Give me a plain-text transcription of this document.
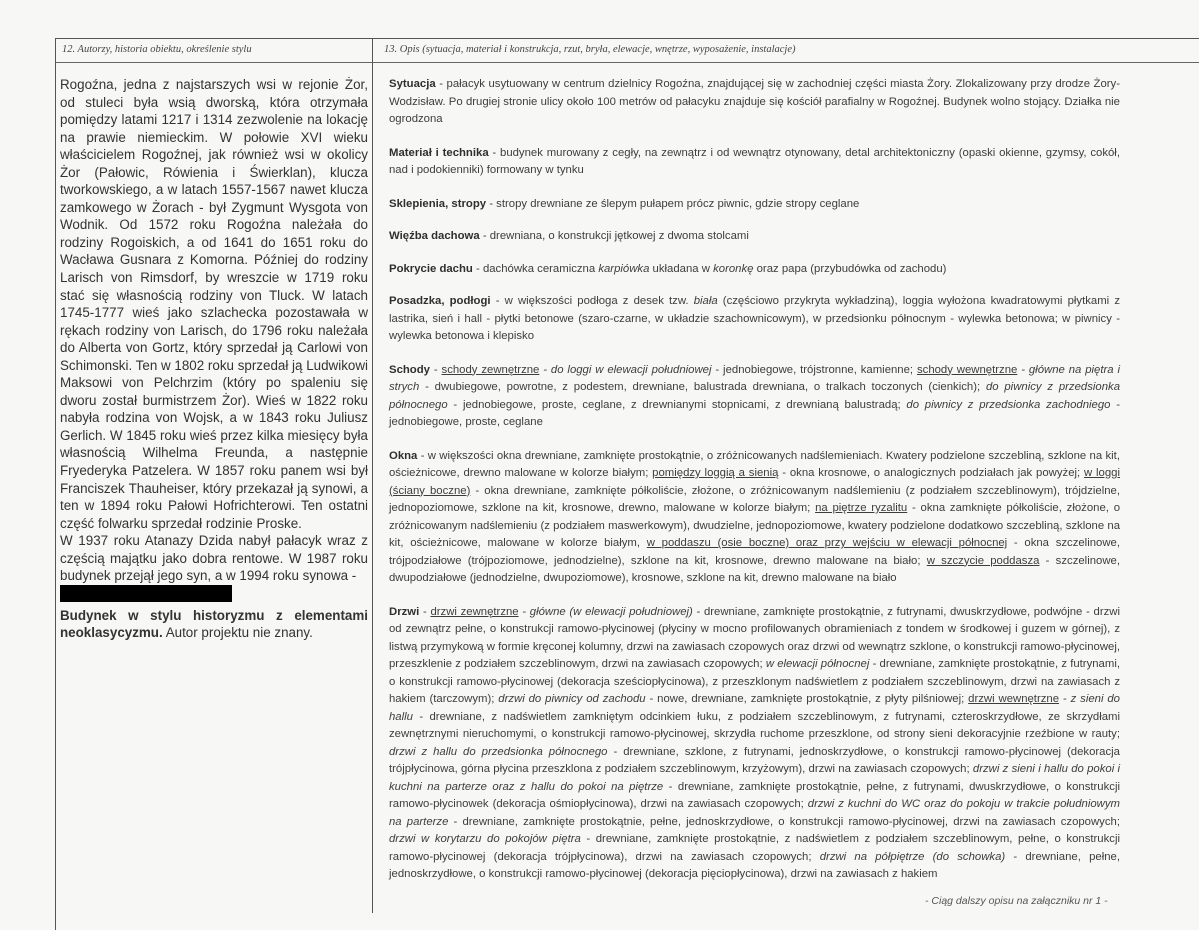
12. Autorzy, historia obiektu, określenie stylu	13. Opis (sytuacja, materiał i konstrukcja, rzut, bryła, elewacje, wnętrze, wyposażenie, instalacje)

Rogoźna, jedna z najstarszych wsi w rejonie Żor, od stuleci była wsią dworską, która otrzymała pomiędzy latami 1217 i 1314 zezwolenie na lokację na prawie niemieckim. W połowie XVI wieku właścicielem Rogoźnej, jak również wsi w okolicy Żor (Pałowic, Rówienia i Świerklan), klucza tworkowskiego, a w latach 1557-1567 nawet klucza zamkowego w Żorach - był Zygmunt Wysgota von Wodnik. Od 1572 roku Rogoźna należała do rodziny Rogoiskich, a od 1641 do 1651 roku do Wacława Gusnara z Komorna. Później do rodziny Larisch von Rimsdorf, by wreszcie w 1719 roku stać się własnością rodziny von Tluck. W latach 1745-1777 wieś jako szlachecka pozostawała w rękach rodziny von Larisch, do 1796 roku należała do Alberta von Gortz, który sprzedał ją Carlowi von Schimonski. Ten w 1802 roku sprzedał ją Ludwikowi Maksowi von Pelchrzim (który po spaleniu się dworu został burmistrzem Żor). Wieś w 1822 roku nabyła rodzina von Wojsk, a w 1843 roku Juliusz Gerlich. W 1845 roku wieś przez kilka miesięcy była własnością Wilhelma Freunda, a następnie Fryederyka Patzelera. W 1857 roku panem wsi był Franciszek Thauheiser, który przekazał ją synowi, a ten w 1894 roku Pałowi Hofrichterowi. Ten ostatni część folwarku sprzedał rodzinie Proske.

W 1937 roku Atanazy Dzida nabył pałacyk wraz z częścią majątku jako dobra rentowe. W 1987 roku budynek przejął jego syn, a w 1994 roku synowa -

Budynek w stylu historyzmu z elementami neoklasycyzmu. Autor projektu nie znany.

Sytuacja - pałacyk usytuowany w centrum dzielnicy Rogoźna, znajdującej się w zachodniej części miasta Żory. Zlokalizowany przy drodze Żory-Wodzisław. Po drugiej stronie ulicy około 100 metrów od pałacyku znajduje się kościół parafialny w Rogoźnej. Budynek wolno stojący. Działka nie ogrodzona

Materiał i technika - budynek murowany z cegły, na zewnątrz i od wewnątrz otynowany, detal architektoniczny (opaski okienne, gzymsy, cokół, nad i podokienniki) formowany w tynku

Sklepienia, stropy - stropy drewniane ze ślepym pułapem prócz piwnic, gdzie stropy ceglane

Więźba dachowa - drewniana, o konstrukcji jętkowej z dwoma stolcami

Pokrycie dachu - dachówka ceramiczna karpiówka układana w koronkę oraz papa (przybudówka od zachodu)

Posadzka, podłogi - w większości podłoga z desek tzw. biała (częściowo przykryta wykładziną), loggia wyłożona kwadratowymi płytkami z lastrika, sień i hall - płytki betonowe (szaro-czarne, w układzie szachownicowym), w przedsionku północnym - wylewka betonowa; w piwnicy - wylewka betonowa i klepisko

Schody - schody zewnętrzne - do loggi w elewacji południowej - jednobiegowe, trójstronne, kamienne; schody wewnętrzne - główne na piętra i strych - dwubiegowe, powrotne, z podestem, drewniane, balustrada drewniana, o tralkach toczonych (cienkich); do piwnicy z przedsionka północnego - jednobiegowe, proste, ceglane, z drewnianymi stopnicami, z drewnianą balustradą; do piwnicy z przedsionka zachodniego - jednobiegowe, proste, ceglane

Okna - w większości okna drewniane, zamknięte prostokątnie, o zróżnicowanych nadślemieniach. Kwatery podzielone szczebliną, szklone na kit, ościeżnicowe, drewno malowane w kolorze białym; pomiędzy loggią a sienią - okna krosnowe, o analogicznych podziałach jak powyżej; w loggi (ściany boczne) - okna drewniane, zamknięte półkoliście, złożone, o zróżnicowanym nadślemieniu (z podziałem szczeblinowym), trójdzielne, jednopoziomowe, szklone na kit, krosnowe, drewno, malowane w kolorze białym; na piętrze ryzalitu - okna zamknięte półkoliście, złożone, o zróżnicowanym nadślemieniu (z podziałem maswerkowym), dwudzielne, jednopoziomowe, kwatery podzielone dodatkowo szczebliną, szklone na kit, ościeżnicowe, malowane w kolorze białym, w poddaszu (osie boczne) oraz przy wejściu w elewacji północnej - okna szczelinowe, trójpodziałowe (trójpoziomowe, jednodzielne), szklone na kit, krosnowe, drewno malowane na biało; w szczycie poddasza - szczelinowe, dwupodziałowe (jednodzielne, dwupoziomowe), krosnowe, szklone na kit, drewno malowane na biało

Drzwi - drzwi zewnętrzne - główne (w elewacji południowej) - drewniane, zamknięte prostokątnie, z futrynami, dwuskrzydłowe, podwójne - drzwi od zewnątrz pełne, o konstrukcji ramowo-płycinowej (płyciny w mocno profilowanych obramieniach z tondem w środkowej i guzem w górnej), z listwą przymykową w formie kręconej kolumny, drzwi na zawiasach czopowych oraz drzwi od wewnątrz szklone, o konstrukcji ramowo-płycinowej, przeszklenie z podziałem szczeblinowym, drzwi na zawiasach czopowych; w elewacji północnej - drewniane, zamknięte prostokątnie, z futrynami, o konstrukcji ramowo-płycinowej (dekoracja sześciopłycinowa), z przeszklonym nadświetlem z podziałem szczeblinowym, drzwi na zawiasach z hakiem (tarczowym); drzwi do piwnicy od zachodu - nowe, drewniane, zamknięte prostokątnie, z płyty pilśniowej; drzwi wewnętrzne - z sieni do hallu - drewniane, z nadświetlem zamkniętym odcinkiem łuku, z podziałem szczeblinowym, z futrynami, czteroskrzydłowe, ze skrzydłami zewnętrznymi nieruchomymi, o konstrukcji ramowo-płycinowej, skrzydła ruchome przeszklone, od strony sieni dekoracyjnie rzeźbione w rauty; drzwi z hallu do przedsionka północnego - drewniane, szklone, z futrynami, jednoskrzydłowe, o konstrukcji ramowo-płycinowej (dekoracja trójpłycinowa, górna płycina przeszklona z podziałem szczeblinowym, krzyżowym), drzwi na zawiasach czopowych; drzwi z sieni i hallu do pokoi i kuchni na parterze oraz z hallu do pokoi na piętrze - drewniane, zamknięte prostokątnie, pełne, z futrynami, dwuskrzydłowe, o konstrukcji ramowo-płycinowek (dekoracja ośmiopłycinowa), drzwi na zawiasach czopowych; drzwi z kuchni do WC oraz do pokoju w trakcie południowym na parterze - drewniane, zamknięte prostokątnie, pełne, jednoskrzydłowe, o konstrukcji ramowo-płycinowej, drzwi na zawiasach czopowych; drzwi w korytarzu do pokojów piętra - drewniane, zamknięte prostokątnie, z nadświetlem z podziałem szczeblinowym, pełne, o konstrukcji ramowo-płycinowej (dekoracja trójpłycinowa), drzwi na zawiasach czopowych; drzwi na półpiętrze (do schowka) - drewniane, pełne, jednoskrzydłowe, o konstrukcji ramowo-płycinowej (dekoracja pięciopłycinowa), drzwi na zawiasach z hakiem

- Ciąg dalszy opisu na załączniku nr 1 -
